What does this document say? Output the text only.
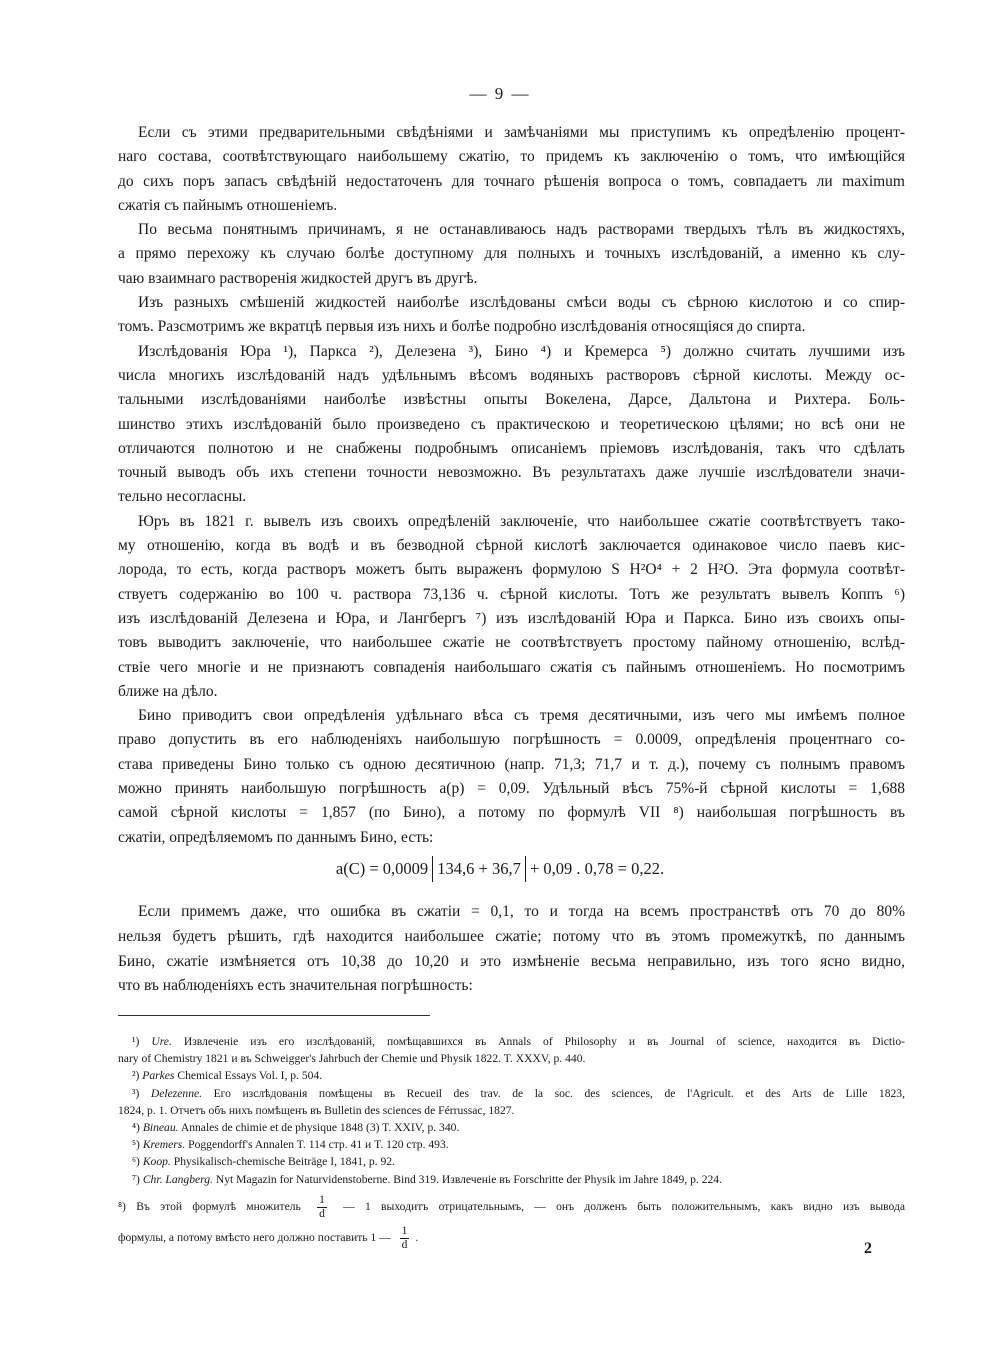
— 9 —
Если съ этими предварительными свѣдѣніями и замѣчаніями мы приступимъ къ опредѣленію процент-
наго состава, соотвѣтствующаго наибольшему сжатію, то придемъ къ заключенію о томъ, что имѣющійся
до сихъ поръ запасъ свѣдѣній недостаточенъ для точнаго рѣшенія вопроса о томъ, совпадаетъ ли maximum
сжатія съ пайнымъ отношеніемъ.
По весьма понятнымъ причинамъ, я не останавливаюсь надъ растворами твердыхъ тѣлъ въ жидкостяхъ,
а прямо перехожу къ случаю болѣе доступному для полныхъ и точныхъ изслѣдованій, а именно къ слу-
чаю взаимнаго растворенія жидкостей другъ въ другѣ.
Изъ разныхъ смѣшеній жидкостей наиболѣе изслѣдованы смѣси воды съ сѣрною кислотою и со спир-
томъ. Разсмотримъ же вкратцѣ первыя изъ нихъ и болѣе подробно изслѣдованія относящіяся до спирта.
Изслѣдованія Юра ¹), Паркса ²), Делезена ³), Бино ⁴) и Кремерса ⁵) должно считать лучшими изъ
числа многихъ изслѣдованій надъ удѣльнымъ вѣсомъ водяныхъ растворовъ сѣрной кислоты. Между ос-
тальными изслѣдованіями наиболѣе извѣстны опыты Вокелена, Дарсе, Дальтона и Рихтера. Боль-
шинство этихъ изслѣдованій было произведено съ практическою и теоретическою цѣлями; но всѣ они не
отличаются полнотою и не снабжены подробнымъ описаніемъ пріемовъ изслѣдованія, такъ что сдѣлать
точный выводъ объ ихъ степени точности невозможно. Въ результатахъ даже лучшіе изслѣдователи значи-
тельно несогласны.
Юръ въ 1821 г. вывелъ изъ своихъ опредѣленій заключеніе, что наибольшее сжатіе соотвѣтствуетъ тако-
му отношенію, когда въ водѣ и въ безводной сѣрной кислотѣ заключается одинаковое число паевъ кис-
лорода, то есть, когда растворъ можетъ быть выраженъ формулою S H²O⁴ + 2 H²O. Эта формула соотвѣт-
ствуетъ содержанію во 100 ч. раствора 73,136 ч. сѣрной кислоты. Тотъ же результатъ вывелъ Коппъ ⁶)
изъ изслѣдованій Делезена и Юра, и Лангбергъ ⁷) изъ изслѣдованій Юра и Паркса. Бино изъ своихъ опы-
товъ выводитъ заключеніе, что наибольшее сжатіе не соотвѣтствуетъ простому пайному отношенію, вслѣд-
ствіе чего многіе и не признаютъ совпаденія наибольшаго сжатія съ пайнымъ отношеніемъ. Но посмотримъ
ближе на дѣло.
Бино приводитъ свои опредѣленія удѣльнаго вѣса съ тремя десятичными, изъ чего мы имѣемъ полное
право допустить въ его наблюденіяхъ наибольшую погрѣшность = 0.0009, опредѣленія процентнаго со-
става приведены Бино только съ одною десятичною (напр. 71,3; 71,7 и т. д.), почему съ полнымъ правомъ
можно принять наибольшую погрѣшность a(p) = 0,09. Удѣльный вѣсъ 75%-й сѣрной кислоты = 1,688
самой сѣрной кислоты = 1,857 (по Бино), а потому по формулѣ VII ⁸) наибольшая погрѣшность въ
сжатіи, опредѣляемомъ по даннымъ Бино, есть:
a(C) = 0,0009 134,6 + 36,7 + 0,09 . 0,78 = 0,22.
Если примемъ даже, что ошибка въ сжатіи = 0,1, то и тогда на всемъ пространствѣ отъ 70 до 80%
нельзя будетъ рѣшить, гдѣ находится наибольшее сжатіе; потому что въ этомъ промежуткѣ, по даннымъ
Бино, сжатіе измѣняется отъ 10,38 до 10,20 и это измѣненіе весьма неправильно, изъ того ясно видно,
что въ наблюденіяхъ есть значительная погрѣшность:
¹) Ure. Извлеченіе изъ его изслѣдованій, помѣщавшихся въ Annals of Philosophy и въ Journal of science, находится въ Dictio-
nary of Chemistry 1821 и въ Schweigger's Jahrbuch der Chemie und Physik 1822. T. XXXV, p. 440.
²) Parkes Chemical Essays Vol. I, p. 504.
³) Delezenne. Его изслѣдованія помѣщены въ Recueil des trav. de la soc. des sciences, de l'Agricult. et des Arts de Lille 1823,
1824, p. 1. Отчетъ объ нихъ помѣщенъ въ Bulletin des sciences de Férrussac, 1827.
⁴) Bineau. Annales de chimie et de physique 1848 (3) T. XXIV, p. 340.
⁵) Kremers. Poggendorff's Annalen T. 114 стр. 41 и T. 120 стр. 493.
⁶) Koop. Physikalisch-chemische Beiträge I, 1841, p. 92.
⁷) Chr. Langberg. Nyt Magazin for Naturvidenstoberne. Bind 319. Извлеченіе въ Forschritte der Physik im Jahre 1849, p. 224.
⁸) Въ этой формулѣ множитель $\frac{1}{d}$ — 1 выходитъ отрицательнымъ, — онъ долженъ быть положительнымъ, какъ видно изъ вывода
формулы, а потому вмѣсто него должно поставить 1 — $\frac{1}{d}$ .
2
